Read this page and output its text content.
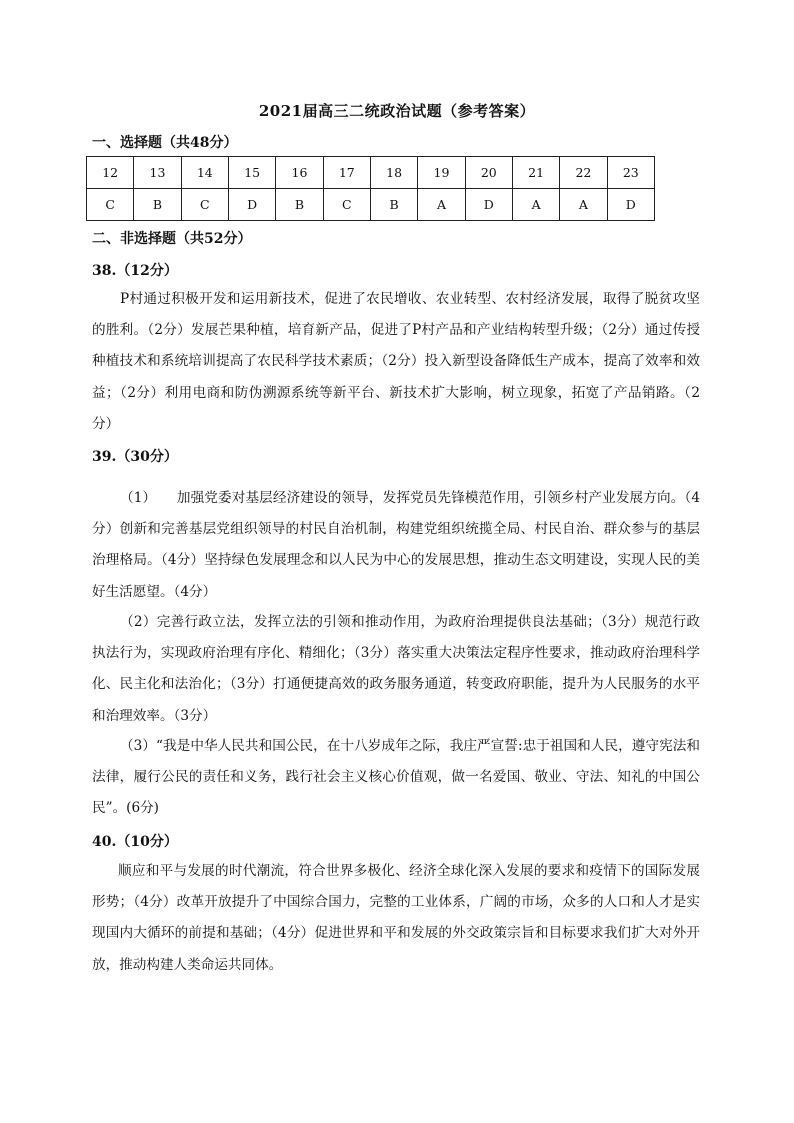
2021届高三二统政治试题（参考答案）
一、选择题（共48分）
12	13	14	15	16	17	18	19	20	21	22	23
C	B	C	D	B	C	B	A	D	A	A	D
二、非选择题（共52分）
38.（12分）

P村通过积极开发和运用新技术，促进了农民增收、农业转型、农村经济发展，取得了脱贫攻坚的胜利。（2分）发展芒果种植，培育新产品，促进了P村产品和产业结构转型升级；（2分）通过传授种植技术和系统培训提高了农民科学技术素质；（2分）投入新型设备降低生产成本，提高了效率和效益；（2分）利用电商和防伪溯源系统等新平台、新技术扩大影响，树立现象，拓宽了产品销路。（2分）

39.（30分）

（1）　　加强党委对基层经济建设的领导，发挥党员先锋模范作用，引领乡村产业发展方向。（4分）创新和完善基层党组织领导的村民自治机制，构建党组织统揽全局、村民自治、群众参与的基层治理格局。（4分）坚持绿色发展理念和以人民为中心的发展思想，推动生态文明建设，实现人民的美好生活愿望。（4分）

（2）完善行政立法，发挥立法的引领和推动作用，为政府治理提供良法基础；（3分）规范行政执法行为，实现政府治理有序化、精细化；（3分）落实重大决策法定程序性要求，推动政府治理科学化、民主化和法治化；（3分）打通便捷高效的政务服务通道，转变政府职能，提升为人民服务的水平和治理效率。（3分）

（3）“我是中华人民共和国公民，在十八岁成年之际，我庄严宣誓:忠于祖国和人民，遵守宪法和法律，履行公民的责任和义务，践行社会主义核心价值观，做一名爱国、敬业、守法、知礼的中国公民”。(6分)

40.（10分）

顺应和平与发展的时代潮流，符合世界多极化、经济全球化深入发展的要求和疫情下的国际发展形势；（4分）改革开放提升了中国综合国力，完整的工业体系，广阔的市场，众多的人口和人才是实现国内大循环的前提和基础；（4分）促进世界和平和发展的外交政策宗旨和目标要求我们扩大对外开放，推动构建人类命运共同体。
